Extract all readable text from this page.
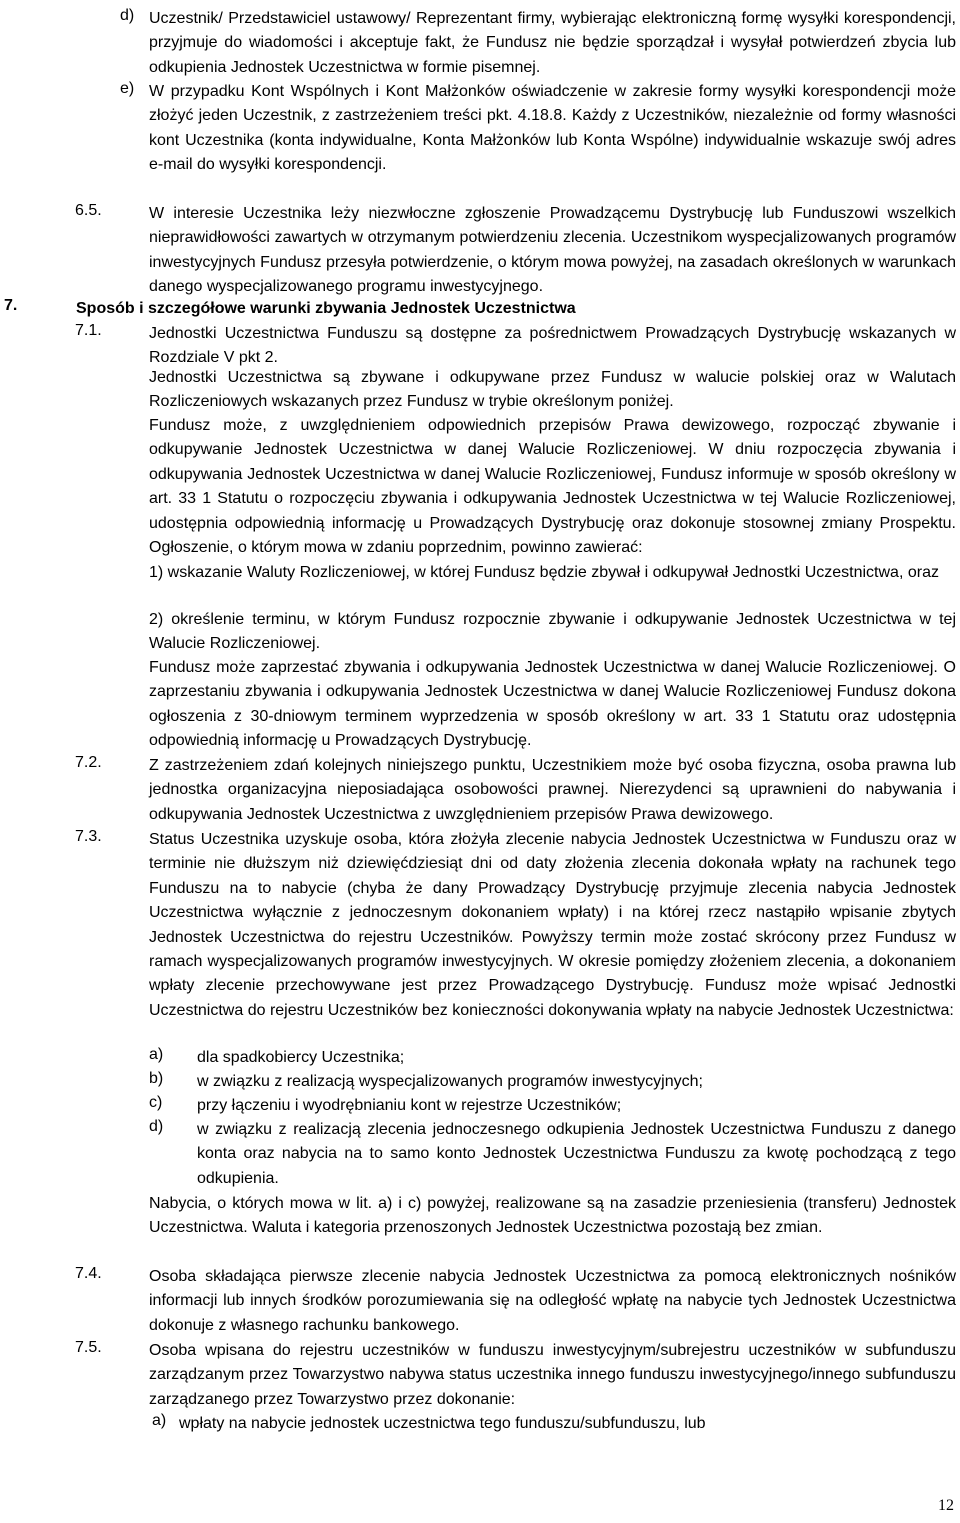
d) Uczestnik/ Przedstawiciel ustawowy/ Reprezentant firmy, wybierając elektroniczną formę wysyłki korespondencji, przyjmuje do wiadomości i akceptuje fakt, że Fundusz nie będzie sporządzał i wysyłał potwierdzeń zbycia lub odkupienia Jednostek Uczestnictwa w formie pisemnej.
e) W przypadku Kont Wspólnych i Kont Małżonków oświadczenie w zakresie formy wysyłki korespondencji może złożyć jeden Uczestnik, z zastrzeżeniem treści pkt. 4.18.8. Każdy z Uczestników, niezależnie od formy własności kont Uczestnika (konta indywidualne, Konta Małżonków lub Konta Wspólne) indywidualnie wskazuje swój adres e-mail do wysyłki korespondencji.
6.5.	W interesie Uczestnika leży niezwłoczne zgłoszenie Prowadzącemu Dystrybucję lub Funduszowi wszelkich nieprawidłowości zawartych w otrzymanym potwierdzeniu zlecenia. Uczestnikom wyspecjalizowanych programów inwestycyjnych Fundusz przesyła potwierdzenie, o którym mowa powyżej, na zasadach określonych w warunkach danego wyspecjalizowanego programu inwestycyjnego.
7.	Sposób i szczegółowe warunki zbywania Jednostek Uczestnictwa
7.1.	Jednostki Uczestnictwa Funduszu są dostępne za pośrednictwem Prowadzących Dystrybucję wskazanych w Rozdziale V pkt 2.
Jednostki Uczestnictwa są zbywane i odkupywane przez Fundusz w walucie polskiej oraz w Walutach Rozliczeniowych wskazanych przez Fundusz w trybie określonym poniżej.
Fundusz może, z uwzględnieniem odpowiednich przepisów Prawa dewizowego, rozpocząć zbywanie i odkupywanie Jednostek Uczestnictwa w danej Walucie Rozliczeniowej. W dniu rozpoczęcia zbywania i odkupywania Jednostek Uczestnictwa w danej Walucie Rozliczeniowej, Fundusz informuje w sposób określony w art. 33 1 Statutu o rozpoczęciu zbywania i odkupywania Jednostek Uczestnictwa w tej Walucie Rozliczeniowej, udostępnia odpowiednią informację u Prowadzących Dystrybucję oraz dokonuje stosownej zmiany Prospektu. Ogłoszenie, o którym mowa w zdaniu poprzednim, powinno zawierać:
1) wskazanie Waluty Rozliczeniowej, w której Fundusz będzie zbywał i odkupywał Jednostki Uczestnictwa, oraz
2) określenie terminu, w którym Fundusz rozpocznie zbywanie i odkupywanie Jednostek Uczestnictwa w tej Walucie Rozliczeniowej.
Fundusz może zaprzestać zbywania i odkupywania Jednostek Uczestnictwa w danej Walucie Rozliczeniowej. O zaprzestaniu zbywania i odkupywania Jednostek Uczestnictwa w danej Walucie Rozliczeniowej Fundusz dokona ogłoszenia z 30-dniowym terminem wyprzedzenia w sposób określony w art. 33 1 Statutu oraz udostępnia odpowiednią informację u Prowadzących Dystrybucję.
7.2.	Z zastrzeżeniem zdań kolejnych niniejszego punktu, Uczestnikiem może być osoba fizyczna, osoba prawna lub jednostka organizacyjna nieposiadająca osobowości prawnej. Nierezydenci są uprawnieni do nabywania i odkupywania Jednostek Uczestnictwa z uwzględnieniem przepisów Prawa dewizowego.
7.3.	Status Uczestnika uzyskuje osoba, która złożyła zlecenie nabycia Jednostek Uczestnictwa w Funduszu oraz w terminie nie dłuższym niż dziewięćdziesiąt dni od daty złożenia zlecenia dokonała wpłaty na rachunek tego Funduszu na to nabycie (chyba że dany Prowadzący Dystrybucję przyjmuje zlecenia nabycia Jednostek Uczestnictwa wyłącznie z jednoczesnym dokonaniem wpłaty) i na której rzecz nastąpiło wpisanie zbytych Jednostek Uczestnictwa do rejestru Uczestników. Powyższy termin może zostać skrócony przez Fundusz w ramach wyspecjalizowanych programów inwestycyjnych. W okresie pomiędzy złożeniem zlecenia, a dokonaniem wpłaty zlecenie przechowywane jest przez Prowadzącego Dystrybucję. Fundusz może wpisać Jednostki Uczestnictwa do rejestru Uczestników bez konieczności dokonywania wpłaty na nabycie Jednostek Uczestnictwa:
a)	dla spadkobiercy Uczestnika;
b)	w związku z realizacją wyspecjalizowanych programów inwestycyjnych;
c)	przy łączeniu i wyodrębnianiu kont w rejestrze Uczestników;
d)	w związku z realizacją zlecenia jednoczesnego odkupienia Jednostek Uczestnictwa Funduszu z danego konta oraz nabycia na to samo konto Jednostek Uczestnictwa Funduszu za kwotę pochodzącą z tego odkupienia.
Nabycia, o których mowa w lit. a) i c) powyżej, realizowane są na zasadzie przeniesienia (transferu) Jednostek Uczestnictwa. Waluta i kategoria przenoszonych Jednostek Uczestnictwa pozostają bez zmian.
7.4.	Osoba składająca pierwsze zlecenie nabycia Jednostek Uczestnictwa za pomocą elektronicznych nośników informacji lub innych środków porozumiewania się na odległość wpłatę na nabycie tych Jednostek Uczestnictwa dokonuje z własnego rachunku bankowego.
7.5.	Osoba wpisana do rejestru uczestników w funduszu inwestycyjnym/subrejestru uczestników w subfunduszu zarządzanym przez Towarzystwo nabywa status uczestnika innego funduszu inwestycyjnego/innego subfunduszu zarządzanego przez Towarzystwo przez dokonanie:
a) wpłaty na nabycie jednostek uczestnictwa tego funduszu/subfunduszu, lub
12
